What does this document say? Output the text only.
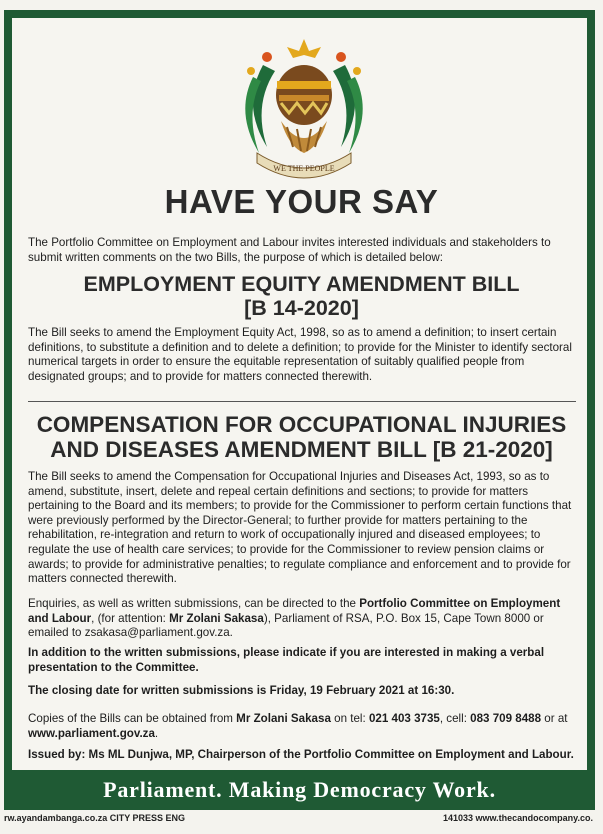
WE THE PEOPLE
HAVE YOUR SAY
The Portfolio Committee on Employment and Labour invites interested individuals and stakeholders to submit written comments on the two Bills, the purpose of which is detailed below:
EMPLOYMENT EQUITY AMENDMENT BILL
[B 14-2020]
The Bill seeks to amend the Employment Equity Act, 1998, so as to amend a definition; to insert certain definitions, to substitute a definition and to delete a definition; to provide for the Minister to identify sectoral numerical targets in order to ensure the equitable representation of suitably qualified people from designated groups; and to provide for matters connected therewith.
COMPENSATION FOR OCCUPATIONAL INJURIES
AND DISEASES AMENDMENT BILL [B 21-2020]
The Bill seeks to amend the Compensation for Occupational Injuries and Diseases Act, 1993, so as to amend, substitute, insert, delete and repeal certain definitions and sections; to provide for matters pertaining to the Board and its members; to provide for the Commissioner to perform certain functions that were previously performed by the Director-General; to further provide for matters pertaining to the rehabilitation, re-integration and return to work of occupationally injured and diseased employees; to regulate the use of health care services; to provide for the Commissioner to review pension claims or awards; to provide for administrative penalties; to regulate compliance and enforcement and to provide for matters connected therewith.
Enquiries, as well as written submissions, can be directed to the Portfolio Committee on Employment and Labour, (for attention: Mr Zolani Sakasa), Parliament of RSA, P.O. Box 15, Cape Town 8000 or emailed to zsakasa@parliament.gov.za.
In addition to the written submissions, please indicate if you are interested in making a verbal presentation to the Committee.
The closing date for written submissions is Friday, 19 February 2021 at 16:30.
Copies of the Bills can be obtained from Mr Zolani Sakasa on tel: 021 403 3735, cell: 083 709 8488 or at www.parliament.gov.za.
Issued by: Ms ML Dunjwa, MP, Chairperson of the Portfolio Committee on Employment and Labour.
Parliament. Making Democracy Work.
rw.ayandambanga.co.za CITY PRESS ENG	141033 www.thecandocompany.co.
